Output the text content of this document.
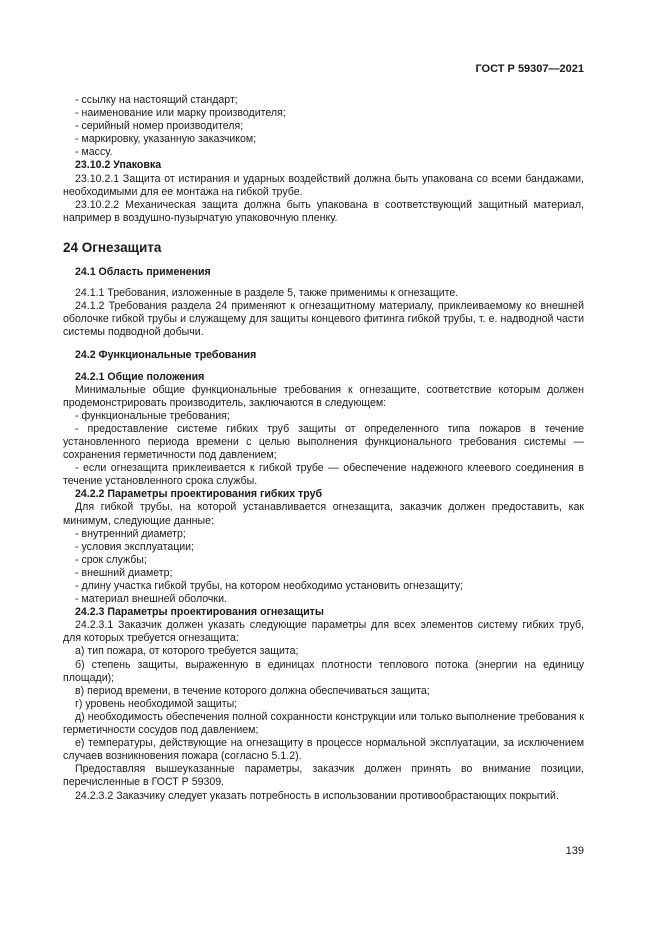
ГОСТ Р 59307—2021

- ссылку на настоящий стандарт;

- наименование или марку производителя;

- серийный номер производителя;

- маркировку, указанную заказчиком;

- массу.

23.10.2 Упаковка

23.10.2.1 Защита от истирания и ударных воздействий должна быть упакована со всеми бандажами, необходимыми для ее монтажа на гибкой трубе.

23.10.2.2 Механическая защита должна быть упакована в соответствующий защитный материал, например в воздушно-пузырчатую упаковочную пленку.

24 Огнезащита
24.1 Область применения

24.1.1 Требования, изложенные в разделе 5, также применимы к огнезащите.

24.1.2 Требования раздела 24 применяют к огнезащитному материалу, приклеиваемому ко внешней оболочке гибкой трубы и служащему для защиты концевого фитинга гибкой трубы, т. е. надводной части системы подводной добычи.

24.2 Функциональные требования
24.2.1 Общие положения

Минимальные общие функциональные требования к огнезащите, соответствие которым должен продемонстрировать производитель, заключаются в следующем:

- функциональные требования;

- предоставление системе гибких труб защиты от определенного типа пожаров в течение установленного периода времени с целью выполнения функционального требования системы — сохранения герметичности под давлением;

- если огнезащита приклеивается к гибкой трубе — обеспечение надежного клеевого соединения в течение установленного срока службы.

24.2.2 Параметры проектирования гибких труб

Для гибкой трубы, на которой устанавливается огнезащита, заказчик должен предоставить, как минимум, следующие данные:

- внутренний диаметр;

- условия эксплуатации;

- срок службы;

- внешний диаметр;

- длину участка гибкой трубы, на котором необходимо установить огнезащиту;

- материал внешней оболочки.

24.2.3 Параметры проектирования огнезащиты

24.2.3.1 Заказчик должен указать следующие параметры для всех элементов систему гибких труб, для которых требуется огнезащита:

а) тип пожара, от которого требуется защита;

б) степень защиты, выраженную в единицах плотности теплового потока (энергии на единицу площади);

в) период времени, в течение которого должна обеспечиваться защита;

г) уровень необходимой защиты;

д) необходимость обеспечения полной сохранности конструкции или только выполнение требования к герметичности сосудов под давлением;

е) температуры, действующие на огнезащиту в процессе нормальной эксплуатации, за исключением случаев возникновения пожара (согласно 5.1.2).

Предоставляя вышеуказанные параметры, заказчик должен принять во внимание позиции, перечисленные в ГОСТ Р 59309.

24.2.3.2 Заказчику следует указать потребность в использовании противообрастающих покрытий.

139
